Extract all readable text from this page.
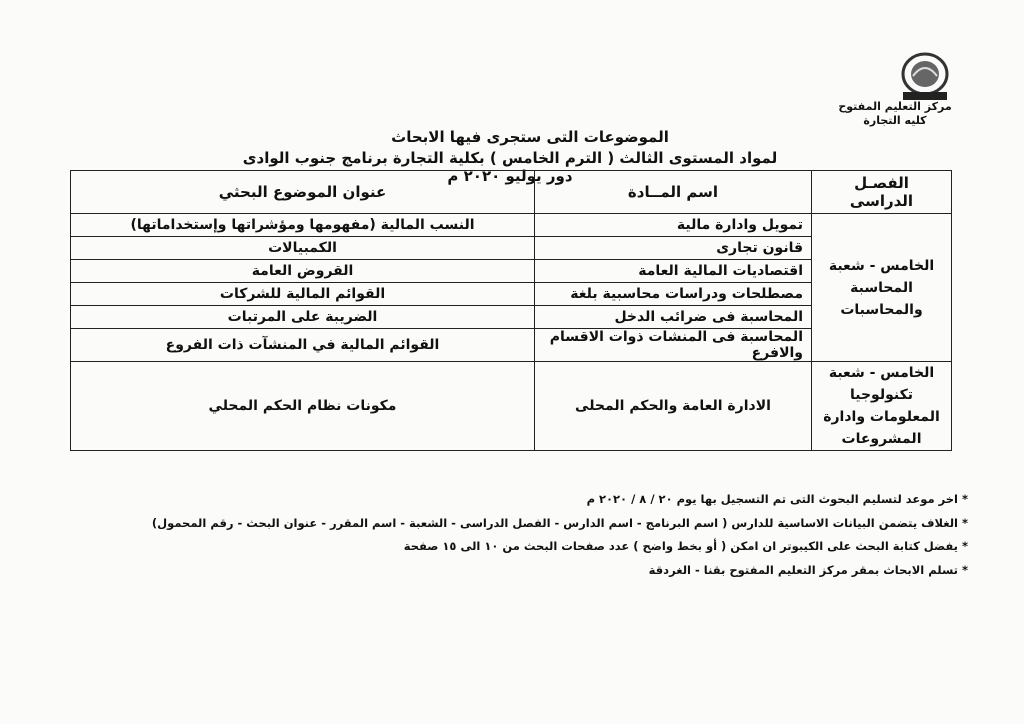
مركز التعليم المفتوح
كليه التجارة
الموضوعات التى ستجرى فيها الابحاث
لمواد المستوى الثالث ( الترم الخامس ) بكلية التجارة برنامج جنوب الوادى دور يوليو ٢٠٢٠ م	الفصـل الدراسى	اسم المــادة	عنوان الموضوع البحثي
الخامس - شعبة المحاسبة والمحاسبات	تمويل وادارة مالية	النسب المالية (مفهومها ومؤشراتها وإستخداماتها)
	قانون تجارى	الكمبيالات
	اقتصاديات المالية العامة	القروض العامة
	مصطلحات ودراسات محاسبية بلغة	القوائم المالية للشركات
	المحاسبة فى ضرائب الدخل	الضريبة على المرتبات
	المحاسبة فى المنشات ذوات الاقسام والافرع	القوائم المالية في المنشآت ذات الفروع
الخامس - شعبة تكنولوجيا المعلومات وادارة المشروعات	الادارة العامة والحكم المحلى	مكونات نظام الحكم المحلي
* اخر موعد لتسليم البحوث التى تم التسجيل بها يوم ٢٠ / ٨ / ٢٠٢٠ م
* الغلاف يتضمن البيانات الاساسية للدارس ( اسم البرنامج - اسم الدارس - الفصل الدراسى - الشعبة - اسم المقرر - عنوان البحث - رقم المحمول)
* يفضل كتابة البحث على الكيبوتر ان امكن ( أو بخط واضح ) عدد صفحات البحث من ١٠ الى ١٥ صفحة
* تسلم الابحاث بمقر مركز التعليم المفتوح بقنا - الغردقة
